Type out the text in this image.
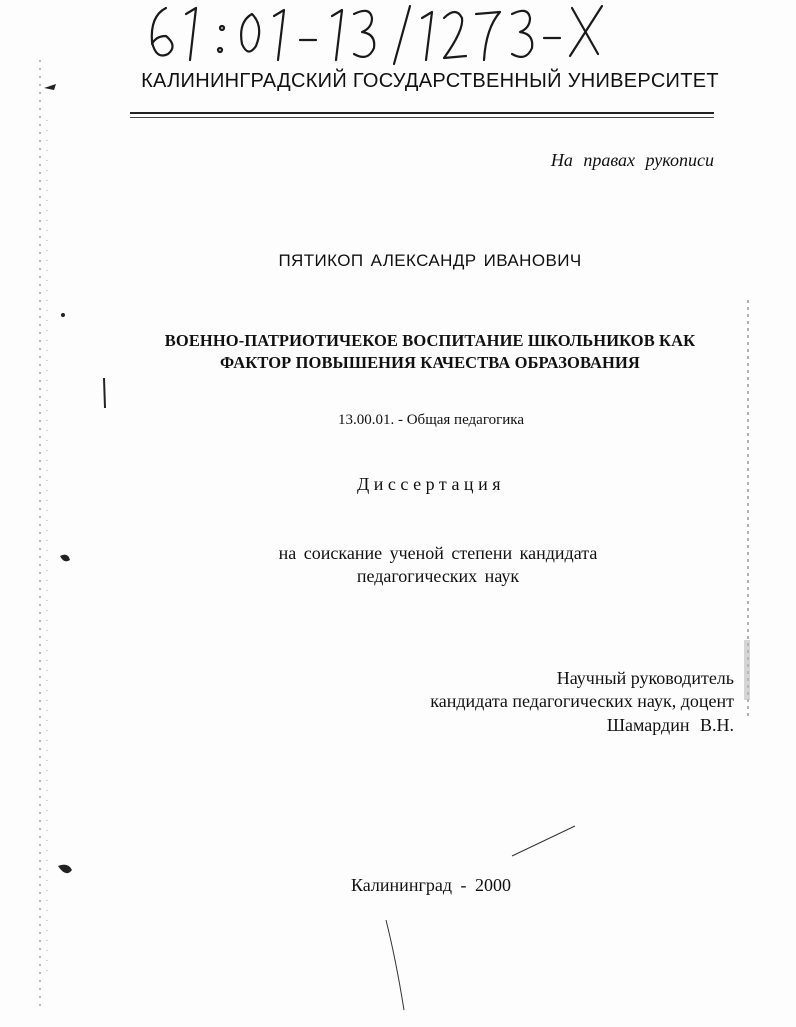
КАЛИНИНГРАДСКИЙ ГОСУДАРСТВЕННЫЙ УНИВЕРСИТЕТ
На правах рукописи
ПЯТИКОП АЛЕКСАНДР ИВАНОВИЧ
ВОЕННО-ПАТРИОТИЧЕКОЕ ВОСПИТАНИЕ ШКОЛЬНИКОВ КАК
ФАКТОР ПОВЫШЕНИЯ КАЧЕСТВА ОБРАЗОВАНИЯ
13.00.01. - Общая педагогика
Диссертация
на соискание ученой степени кандидата
педагогических наук
Научный руководитель
кандидата педагогических наук, доцент
Шамардин В.Н.
Калининград - 2000
